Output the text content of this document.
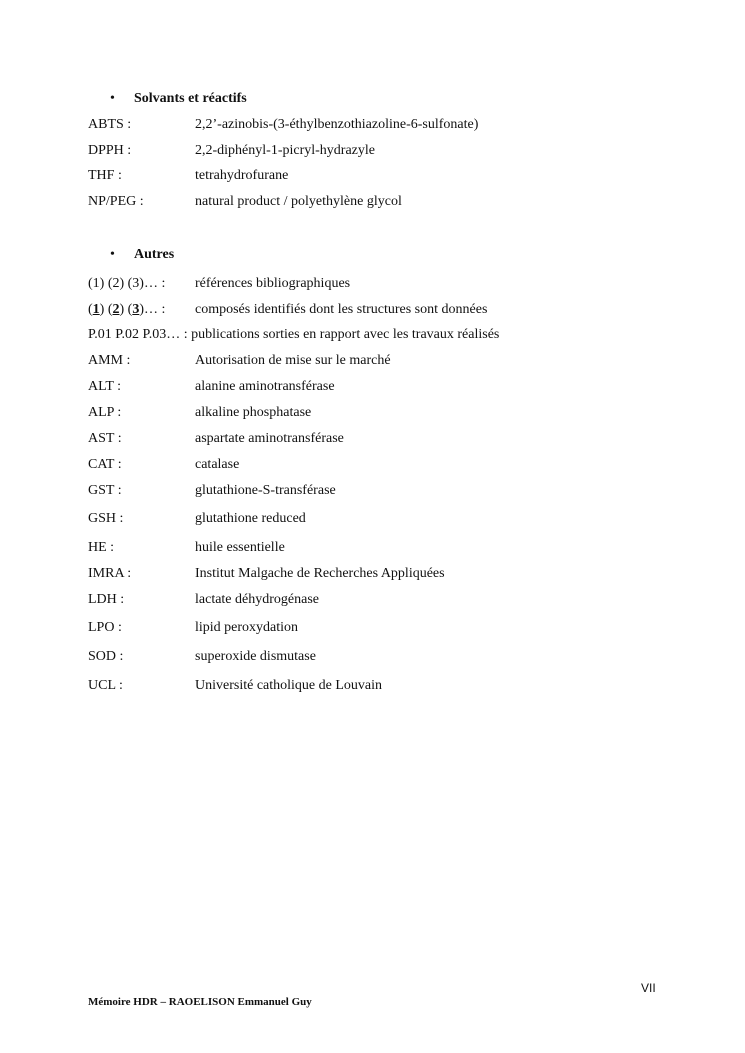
• Solvants et réactifs
ABTS :	2,2’-azinobis-(3-éthylbenzothiazoline-6-sulfonate)
DPPH :	2,2-diphényl-1-picryl-hydrazyle
THF :	tetrahydrofurane
NP/PEG :	natural product / polyethylène glycol
• Autres
(1) (2) (3)… : références bibliographiques
(1) (2) (3)… : composés identifiés dont les structures sont données
P.01 P.02 P.03… : publications sorties en rapport avec les travaux réalisés
AMM :	Autorisation de mise sur le marché
ALT :	alanine aminotransférase
ALP :	alkaline phosphatase
AST :	aspartate aminotransférase
CAT :	catalase
GST :	glutathione-S-transférase
GSH :	glutathione reduced
HE :	huile essentielle
IMRA :	Institut Malgache de Recherches Appliquées
LDH :	lactate déhydrogénase
LPO :	lipid peroxydation
SOD :	superoxide dismutase
UCL :	Université catholique de Louvain
VII
Mémoire HDR – RAOELISON Emmanuel Guy
